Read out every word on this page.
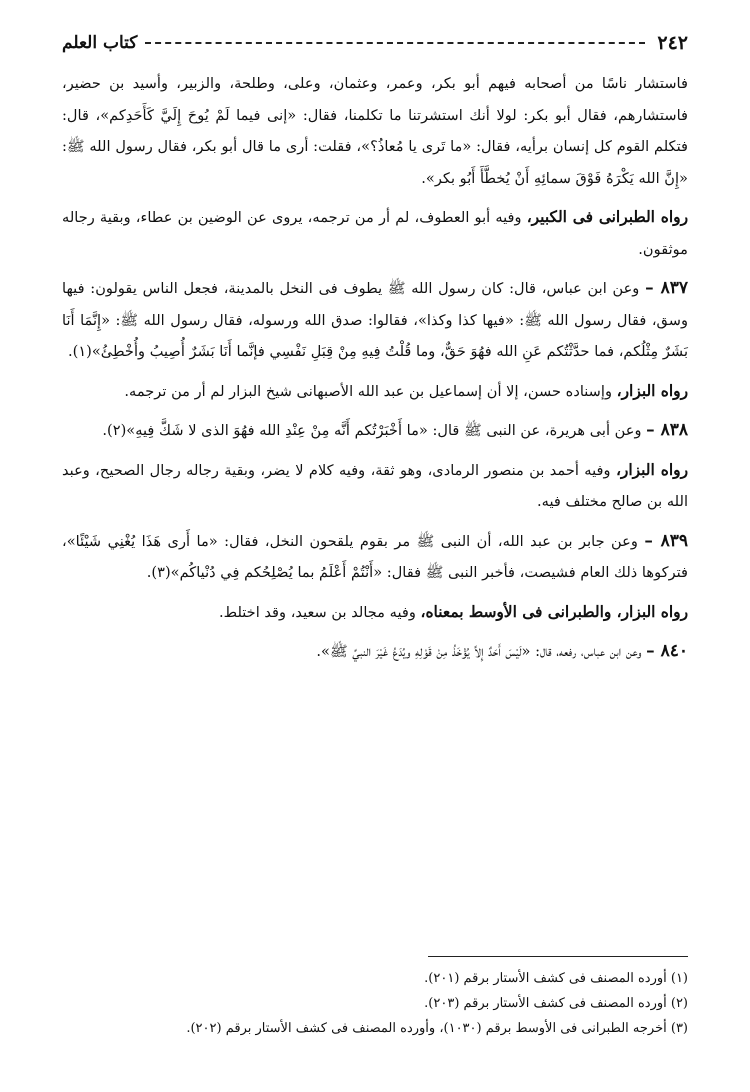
٢٤٢
كتاب العلم

فاستشار ناسًا من أصحابه فيهم أبو بكر، وعمر، وعثمان، وعلى، وطلحة، والزبير، وأسيد بن حضير، فاستشارهم، فقال أبو بكر: لولا أنك استشرتنا ما تكلمنا، فقال: «إنى فيما لَمْ يُوحَ إِلَيَّ كَأَحَدِكم»، قال: فتكلم القوم كل إنسان برأيه، فقال: «ما تَرى يا مُعاذُ؟»، فقلت: أرى ما قال أبو بكر، فقال رسول الله ﷺ: «إِنَّ الله يَكْرَهُ فَوْقَ سمائِهِ أَنْ يُخطَّأَ أَبُو بكر».

رواه الطبرانى فى الكبير، وفيه أبو العطوف، لم أر من ترجمه، يروى عن الوضين بن عطاء، وبقية رجاله موثقون.

٨٣٧ – وعن ابن عباس، قال: كان رسول الله ﷺ يطوف فى النخل بالمدينة، فجعل الناس يقولون: فيها وسق، فقال رسول الله ﷺ: «فيها كذا وكذا»، فقالوا: صدق الله ورسوله، فقال رسول الله ﷺ: «إِنَّمَا أَنَا بَشَرٌ مِثْلُكم، فما حدَّثْتُكم عَنِ الله فهُوَ حَقٌّ، وما قُلْتُ فِيهِ مِنْ قِبَلِ نَفْسِي فإنَّما أَنَا بَشَرٌ أُصِيبُ وأُخْطِئُ»(١).

رواه البزار، وإسناده حسن، إلا أن إسماعيل بن عبد الله الأصبهانى شيخ البزار لم أر من ترجمه.

٨٣٨ – وعن أبى هريرة، عن النبى ﷺ قال: «ما أَخْبَرْتُكم أَنَّه مِنْ عِنْدِ الله فهُوَ الذى لا شَكَّ فِيهِ»(٢).

رواه البزار، وفيه أحمد بن منصور الرمادى، وهو ثقة، وفيه كلام لا يضر، وبقية رجاله رجال الصحيح، وعبد الله بن صالح مختلف فيه.

٨٣٩ – وعن جابر بن عبد الله، أن النبى ﷺ مر بقوم يلقحون النخل، فقال: «ما أَرى هَذَا يُغْنِي شَيْئًا»، فتركوها ذلك العام فشيصت، فأخبر النبى ﷺ فقال: «أَنْتُمْ أَعْلَمُ بما يُصْلِحُكم فِي دُنْياكُم»(٣).

رواه البزار، والطبرانى فى الأوسط بمعناه، وفيه مجالد بن سعيد، وقد اختلط.

٨٤٠ – وعن ابن عباس، رفعه، قال: «لَيْسَ أَحَدٌ إِلاَّ يُؤْخَذُ مِنْ قَوْلِهِ ويُدَعُ غَيْرَ النبيِّ ﷺ».

(١) أورده المصنف فى كشف الأستار برقم (٢٠١).
(٢) أورده المصنف فى كشف الأستار برقم (٢٠٣).
(٣) أخرجه الطبرانى فى الأوسط برقم (١٠٣٠)، وأورده المصنف فى كشف الأستار برقم (٢٠٢).
